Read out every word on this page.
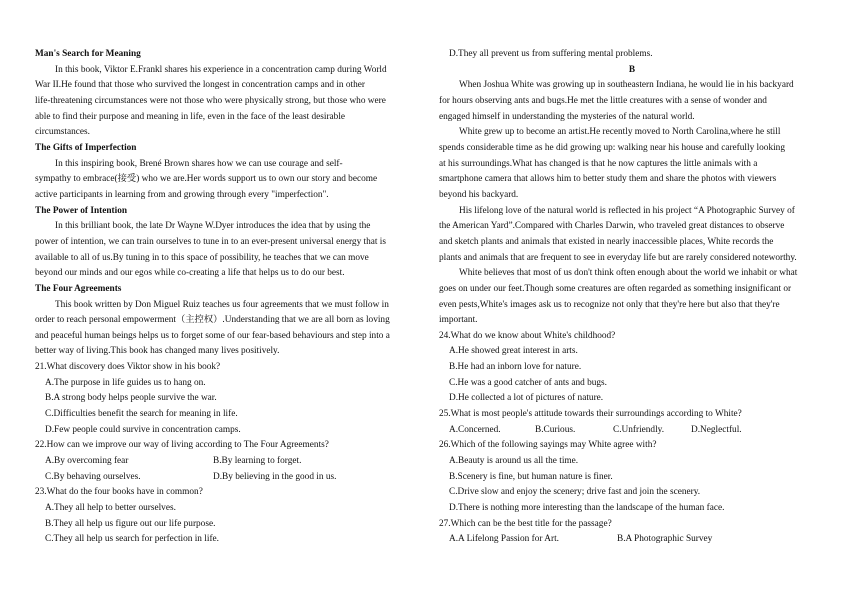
Man's Search for Meaning
In this book, Viktor E.Frankl shares his experience in a concentration camp during World
War II.He found that those who survived the longest in concentration camps and in other
life-threatening circumstances were not those who were physically strong, but those who were
able to find their purpose and meaning in life, even in the face of the least desirable
circumstances.
The Gifts of Imperfection
In this inspiring book, Brené Brown shares how we can use courage and self-
sympathy to embrace(接受) who we are.Her words support us to own our story and become
active participants in learning from and growing through every "imperfection".
The Power of Intention
In this brilliant book, the late Dr Wayne W.Dyer introduces the idea that by using the
power of intention, we can train ourselves to tune in to an ever-present universal energy that is
available to all of us.By tuning in to this space of possibility, he teaches that we can move
beyond our minds and our egos while co-creating a life that helps us to do our best.
The Four Agreements
This book written by Don Miguel Ruiz teaches us four agreements that we must follow in
order to reach personal empowerment（主控权）.Understanding that we are all born as loving
and peaceful human beings helps us to forget some of our fear-based behaviours and step into a
better way of living.This book has changed many lives positively.
21.What discovery does Viktor show in his book?
A.The purpose in life guides us to hang on.
B.A strong body helps people survive the war.
C.Difficulties benefit the search for meaning in life.
D.Few people could survive in concentration camps.
22.How can we improve our way of living according to The Four Agreements?
A.By overcoming fear	B.By learning to forget.
C.By behaving ourselves.	D.By believing in the good in us.
23.What do the four books have in common?
A.They all help to better ourselves.
B.They all help us figure out our life purpose.
C.They all help us search for perfection in life.
D.They all prevent us from suffering mental problems.
B
When Joshua White was growing up in southeastern Indiana, he would lie in his backyard
for hours observing ants and bugs.He met the little creatures with a sense of wonder and
engaged himself in understanding the mysteries of the natural world.
White grew up to become an artist.He recently moved to North Carolina,where he still
spends considerable time as he did growing up: walking near his house and carefully looking
at his surroundings.What has changed is that he now captures the little animals with a
smartphone camera that allows him to better study them and share the photos with viewers
beyond his backyard.
His lifelong love of the natural world is reflected in his project “A Photographic Survey of
the American Yard”.Compared with Charles Darwin, who traveled great distances to observe
and sketch plants and animals that existed in nearly inaccessible places, White records the
plants and animals that are frequent to see in everyday life but are rarely considered noteworthy.
White believes that most of us don't think often enough about the world we inhabit or what
goes on under our feet.Though some creatures are often regarded as something insignificant or
even pests,White's images ask us to recognize not only that they're here but also that they're
important.
24.What do we know about White's childhood?
A.He showed great interest in arts.
B.He had an inborn love for nature.
C.He was a good catcher of ants and bugs.
D.He collected a lot of pictures of nature.
25.What is most people's attitude towards their surroundings according to White?
A.Concerned.	B.Curious.	C.Unfriendly.	D.Neglectful.
26.Which of the following sayings may White agree with?
A.Beauty is around us all the time.
B.Scenery is fine, but human nature is finer.
C.Drive slow and enjoy the scenery; drive fast and join the scenery.
D.There is nothing more interesting than the landscape of the human face.
27.Which can be the best title for the passage?
A.A Lifelong Passion for Art.	B.A Photographic Survey
